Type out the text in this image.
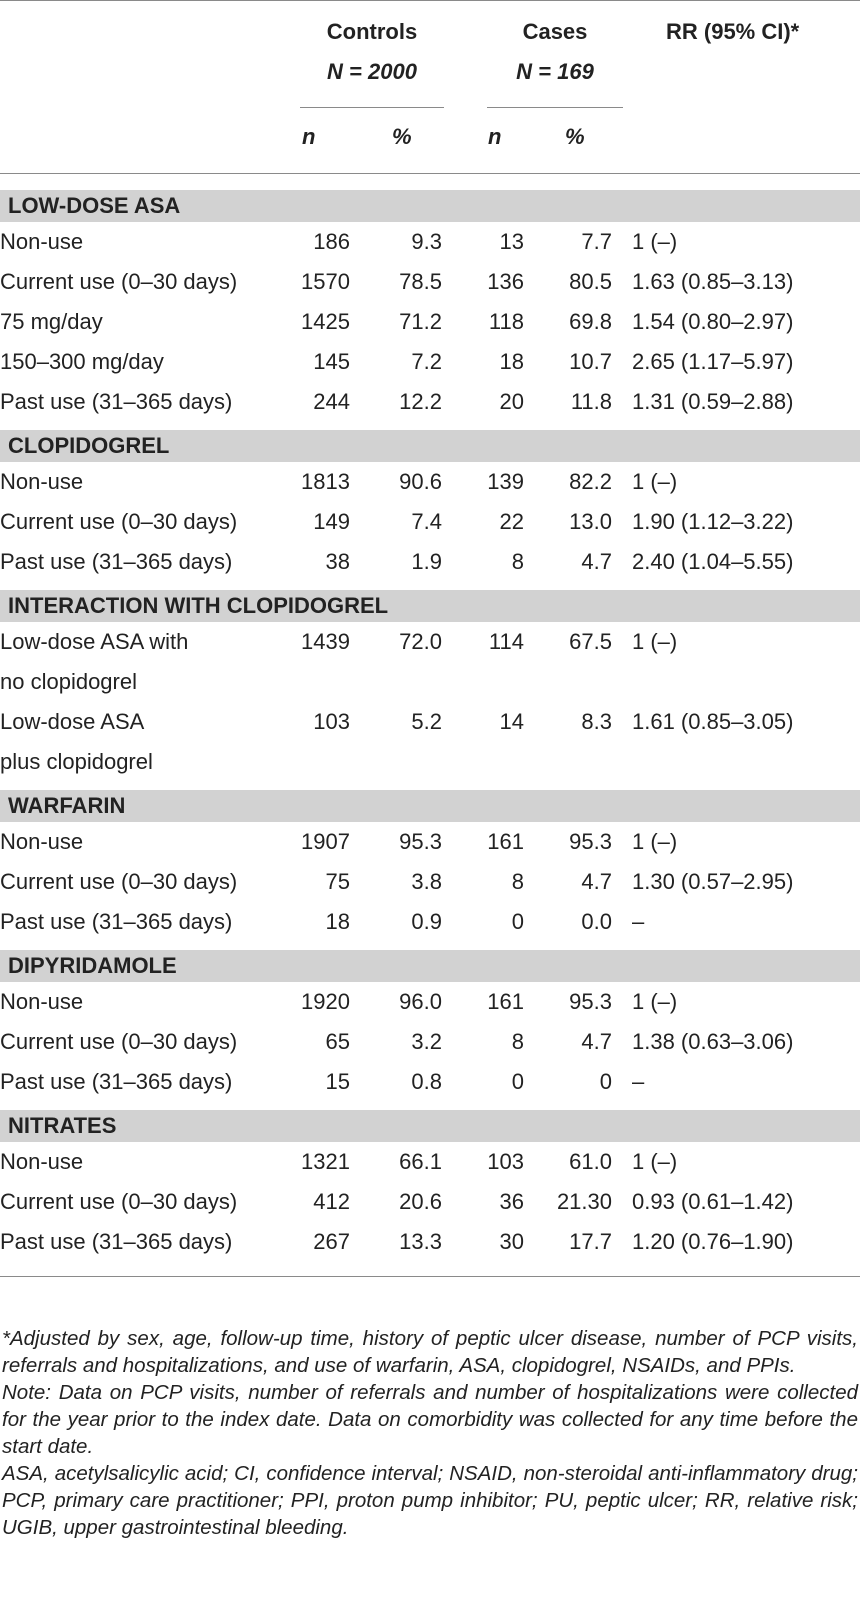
Controls
N = 2000
Cases
N = 169
RR (95% CI)*
n	%	n	%
LOW-DOSE ASA						
Non-use	186	9.3	13	7.7		1 (–)
Current use (0–30 days)	1570	78.5	136	80.5		1.63 (0.85–3.13)
75 mg/day	1425	71.2	118	69.8		1.54 (0.80–2.97)
150–300 mg/day	145	7.2	18	10.7		2.65 (1.17–5.97)
Past use (31–365 days)	244	12.2	20	11.8		1.31 (0.59–2.88)
CLOPIDOGREL						
Non-use	1813	90.6	139	82.2		1 (–)
Current use (0–30 days)	149	7.4	22	13.0		1.90 (1.12–3.22)
Past use (31–365 days)	38	1.9	8	4.7		2.40 (1.04–5.55)
INTERACTION WITH CLOPIDOGREL						
Low-dose ASA with	1439	72.0	114	67.5		1 (–)
no clopidogrel						
Low-dose ASA	103	5.2	14	8.3		1.61 (0.85–3.05)
plus clopidogrel						
WARFARIN						
Non-use	1907	95.3	161	95.3		1 (–)
Current use (0–30 days)	75	3.8	8	4.7		1.30 (0.57–2.95)
Past use (31–365 days)	18	0.9	0	0.0		–
DIPYRIDAMOLE						
Non-use	1920	96.0	161	95.3		1 (–)
Current use (0–30 days)	65	3.2	8	4.7		1.38 (0.63–3.06)
Past use (31–365 days)	15	0.8	0	0		–
NITRATES						
Non-use	1321	66.1	103	61.0		1 (–)
Current use (0–30 days)	412	20.6	36	21.30		0.93 (0.61–1.42)
Past use (31–365 days)	267	13.3	30	17.7		1.20 (0.76–1.90)

*Adjusted by sex, age, follow-up time, history of peptic ulcer disease, number of PCP visits, referrals and hospitalizations, and use of warfarin, ASA, clopidogrel, NSAIDs, and PPIs.

Note: Data on PCP visits, number of referrals and number of hospitalizations were collected for the year prior to the index date. Data on comorbidity was collected for any time before the start date.

ASA, acetylsalicylic acid; CI, confidence interval; NSAID, non-steroidal anti-inflammatory drug; PCP, primary care practitioner; PPI, proton pump inhibitor; PU, peptic ulcer; RR, relative risk; UGIB, upper gastrointestinal bleeding.
